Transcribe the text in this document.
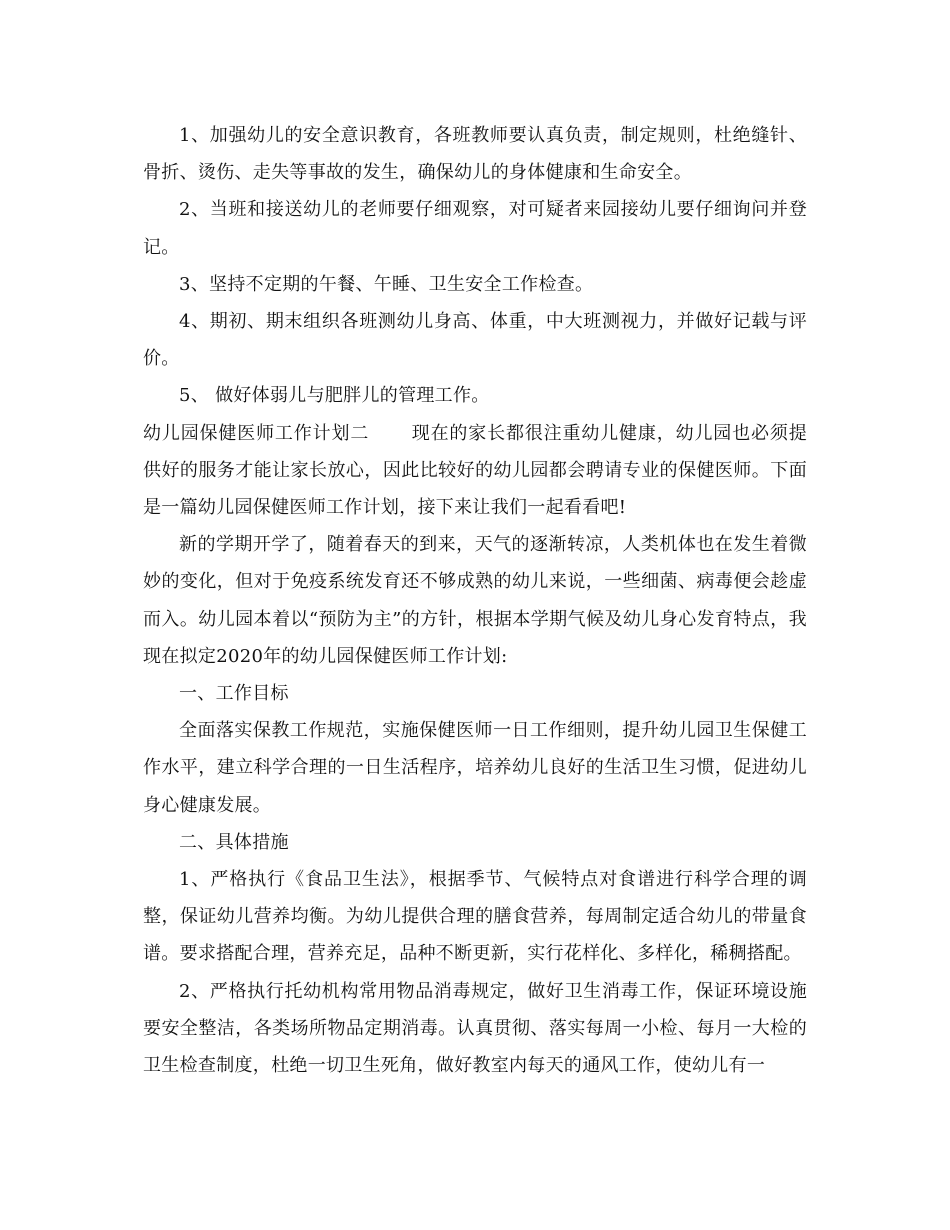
1、加强幼儿的安全意识教育，各班教师要认真负责，制定规则，杜绝缝针、骨折、烫伤、走失等事故的发生，确保幼儿的身体健康和生命安全。

2、当班和接送幼儿的老师要仔细观察，对可疑者来园接幼儿要仔细询问并登记。

3、坚持不定期的午餐、午睡、卫生安全工作检查。

4、期初、期末组织各班测幼儿身高、体重，中大班测视力，并做好记载与评价。

5、 做好体弱儿与肥胖儿的管理工作。

幼儿园保健医师工作计划二 现在的家长都很注重幼儿健康，幼儿园也必须提供好的服务才能让家长放心，因此比较好的幼儿园都会聘请专业的保健医师。下面是一篇幼儿园保健医师工作计划，接下来让我们一起看看吧!

新的学期开学了，随着春天的到来，天气的逐渐转凉，人类机体也在发生着微妙的变化，但对于免疫系统发育还不够成熟的幼儿来说，一些细菌、病毒便会趁虚而入。幼儿园本着以“预防为主”的方针，根据本学期气候及幼儿身心发育特点，我现在拟定2020年的幼儿园保健医师工作计划:

一、工作目标

全面落实保教工作规范，实施保健医师一日工作细则，提升幼儿园卫生保健工作水平，建立科学合理的一日生活程序，培养幼儿良好的生活卫生习惯，促进幼儿身心健康发展。

二、具体措施

1、严格执行《食品卫生法》，根据季节、气候特点对食谱进行科学合理的调整，保证幼儿营养均衡。为幼儿提供合理的膳食营养，每周制定适合幼儿的带量食谱。要求搭配合理，营养充足，品种不断更新，实行花样化、多样化，稀稠搭配。

2、严格执行托幼机构常用物品消毒规定，做好卫生消毒工作，保证环境设施要安全整洁，各类场所物品定期消毒。认真贯彻、落实每周一小检、每月一大检的卫生检查制度，杜绝一切卫生死角，做好教室内每天的通风工作，使幼儿有一
